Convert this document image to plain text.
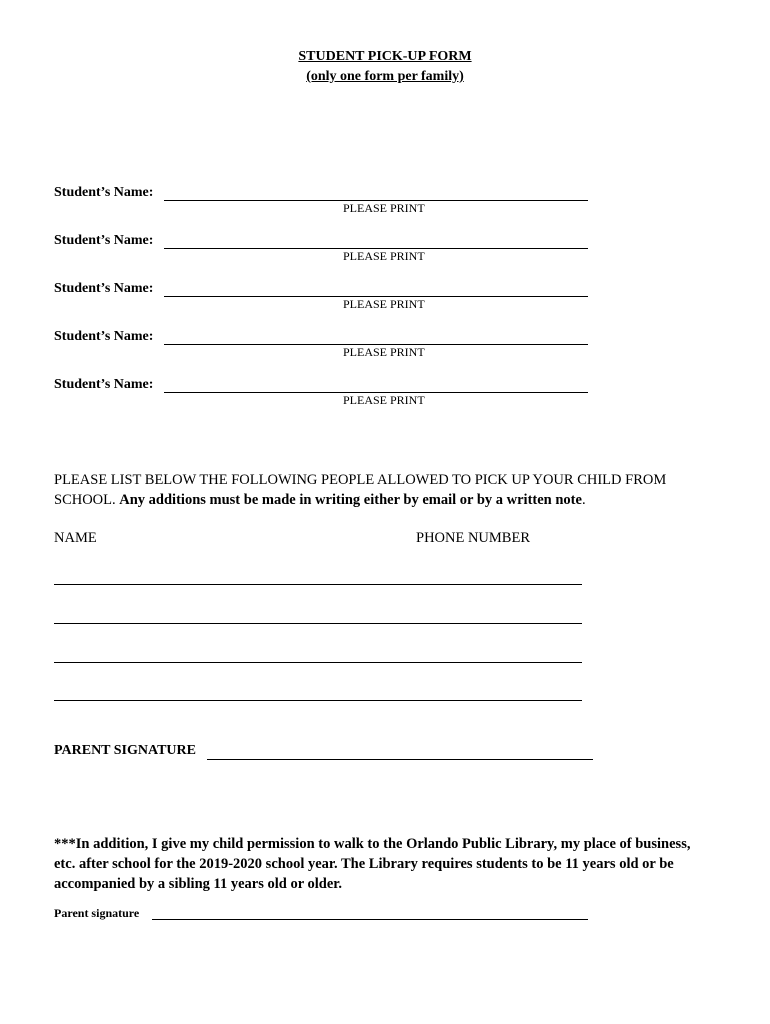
STUDENT PICK-UP FORM
(only one form per family)
Student’s Name:
PLEASE PRINT
Student’s Name:
PLEASE PRINT
Student’s Name:
PLEASE PRINT
Student’s Name:
PLEASE PRINT
Student’s Name:
PLEASE PRINT
PLEASE LIST BELOW THE FOLLOWING PEOPLE ALLOWED TO PICK UP YOUR CHILD FROM SCHOOL. Any additions must be made in writing either by email or by a written note.
NAME	PHONE NUMBER
PARENT SIGNATURE
***In addition, I give my child permission to walk to the Orlando Public Library, my place of business, etc. after school for the 2019-2020 school year. The Library requires students to be 11 years old or be accompanied by a sibling 11 years old or older.
Parent signature
